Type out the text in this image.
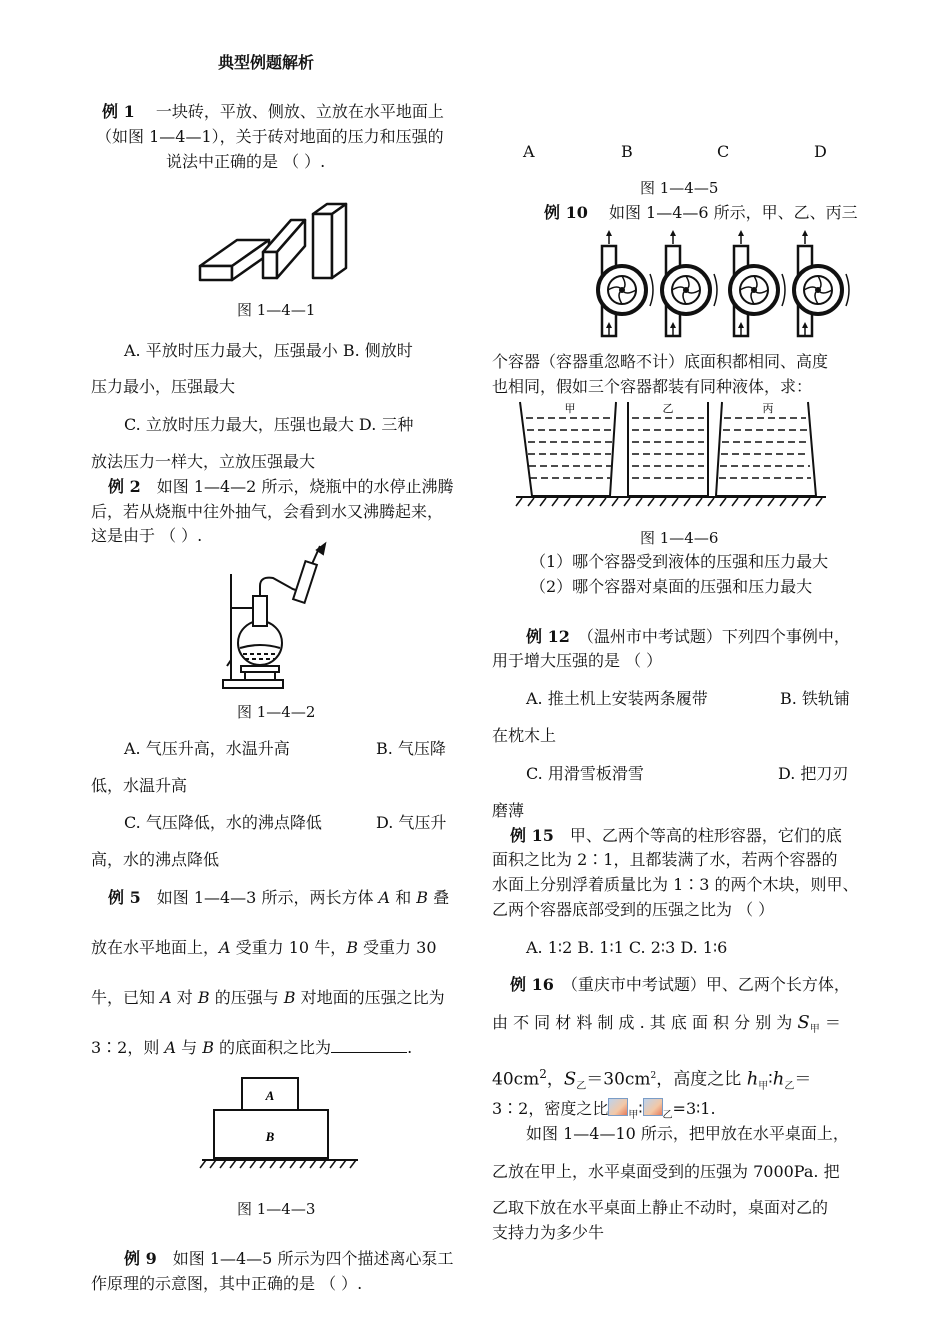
典型例题解析
例 1　 一块砖，平放、侧放、立放在水平地面上
（如图 1—4—1），关于砖对地面的压力和压强的
说法中正确的是 （ ）.
图 1—4—1
A. 平放时压力最大，压强最小 B. 侧放时
压力最小，压强最大
C. 立放时压力最大，压强也最大 D. 三种
放法压力一样大，立放压强最大
例 2　 如图 1—4—2 所示，烧瓶中的水停止沸腾
后，若从烧瓶中往外抽气，会看到水又沸腾起来，
这是由于 （ ）.
图 1—4—2
A. 气压升高，水温升高	B. 气压降
低，水温升高
C. 气压降低，水的沸点降低	D. 气压升
高，水的沸点降低
例 5　 如图 1—4—3 所示，两长方体 A 和 B 叠
放在水平地面上，A 受重力 10 牛，B 受重力 30
牛，已知 A 对 B 的压强与 B 对地面的压强之比为
3∶2，则 A 与 B 的底面积之比为	.
A
B
图 1—4—3
例 9　 如图 1—4—5 所示为四个描述离心泵工
作原理的示意图，其中正确的是 （ ）.
A	B	C	D
图 1—4—5
例 10　 如图 1—4—6 所示，甲、乙、丙三
个容器（容器重忽略不计）底面积都相同、高度
也相同，假如三个容器都装有同种液体，求：
甲	乙	丙
图 1—4—6
（1）哪个容器受到液体的压强和压力最大
（2）哪个容器对桌面的压强和压力最大
例 12　 （温州市中考试题）下列四个事例中，
用于增大压强的是 （ ）
A. 推土机上安装两条履带	B. 铁轨铺
在枕木上
C. 用滑雪板滑雪	D. 把刀刃
磨薄
例 15　 甲、乙两个等高的柱形容器，它们的底
面积之比为 2∶1，且都装满了水，若两个容器的
水面上分别浮着质量比为 1∶3 的两个木块，则甲、
乙两个容器底部受到的压强之比为 （ ）
A. 1∶2 B. 1∶1 C. 2∶3 D. 1∶6
例 16　 （重庆市中考试题）甲、乙两个长方体，
由 不 同 材 料 制 成 . 其 底 面 积 分 别 为 $S_甲$ ＝
$40cm^2$，$S_乙=30cm^2$，高度之比 $h_甲∶h_乙=$
3∶2，密度之比 $_甲$∶ $_乙$=3∶1.
如图 1—4—10 所示，把甲放在水平桌面上，
乙放在甲上，水平桌面受到的压强为 7000Pa. 把
乙取下放在水平桌面上静止不动时，桌面对乙的
支持力为多少牛
